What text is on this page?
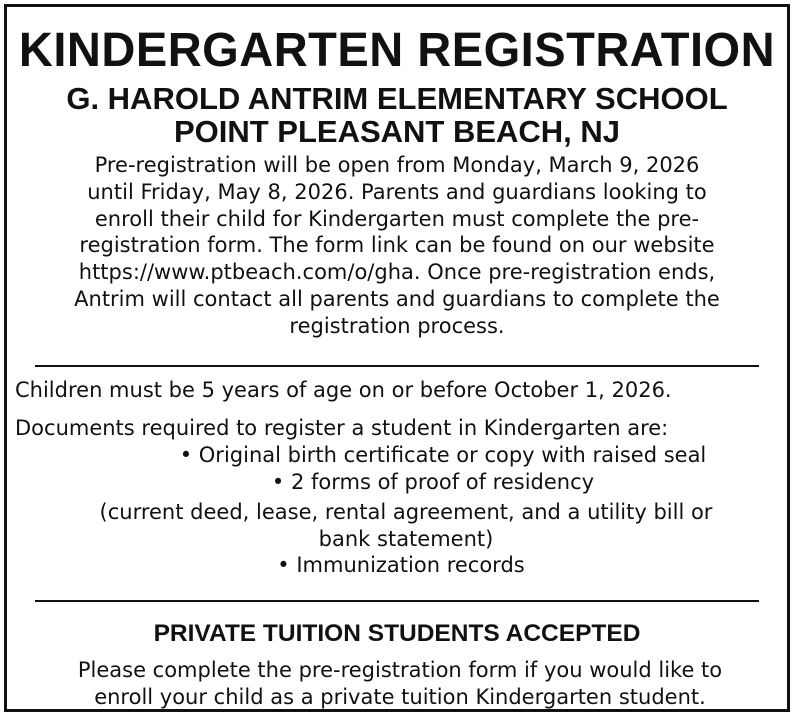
KINDERGARTEN REGISTRATION
G. HAROLD ANTRIM ELEMENTARY SCHOOL
POINT PLEASANT BEACH, NJ
Pre-registration will be open from Monday, March 9, 2026
until Friday, May 8, 2026. Parents and guardians looking to
enroll their child for Kindergarten must complete the pre-
registration form. The form link can be found on our website
https://www.ptbeach.com/o/gha. Once pre-registration ends,
Antrim will contact all parents and guardians to complete the
registration process.
Children must be 5 years of age on or before October 1, 2026.
Documents required to register a student in Kindergarten are:
• Original birth certificate or copy with raised seal
• 2 forms of proof of residency
(current deed, lease, rental agreement, and a utility bill or
bank statement)
• Immunization records
PRIVATE TUITION STUDENTS ACCEPTED
Please complete the pre-registration form if you would like to
enroll your child as a private tuition Kindergarten student.
